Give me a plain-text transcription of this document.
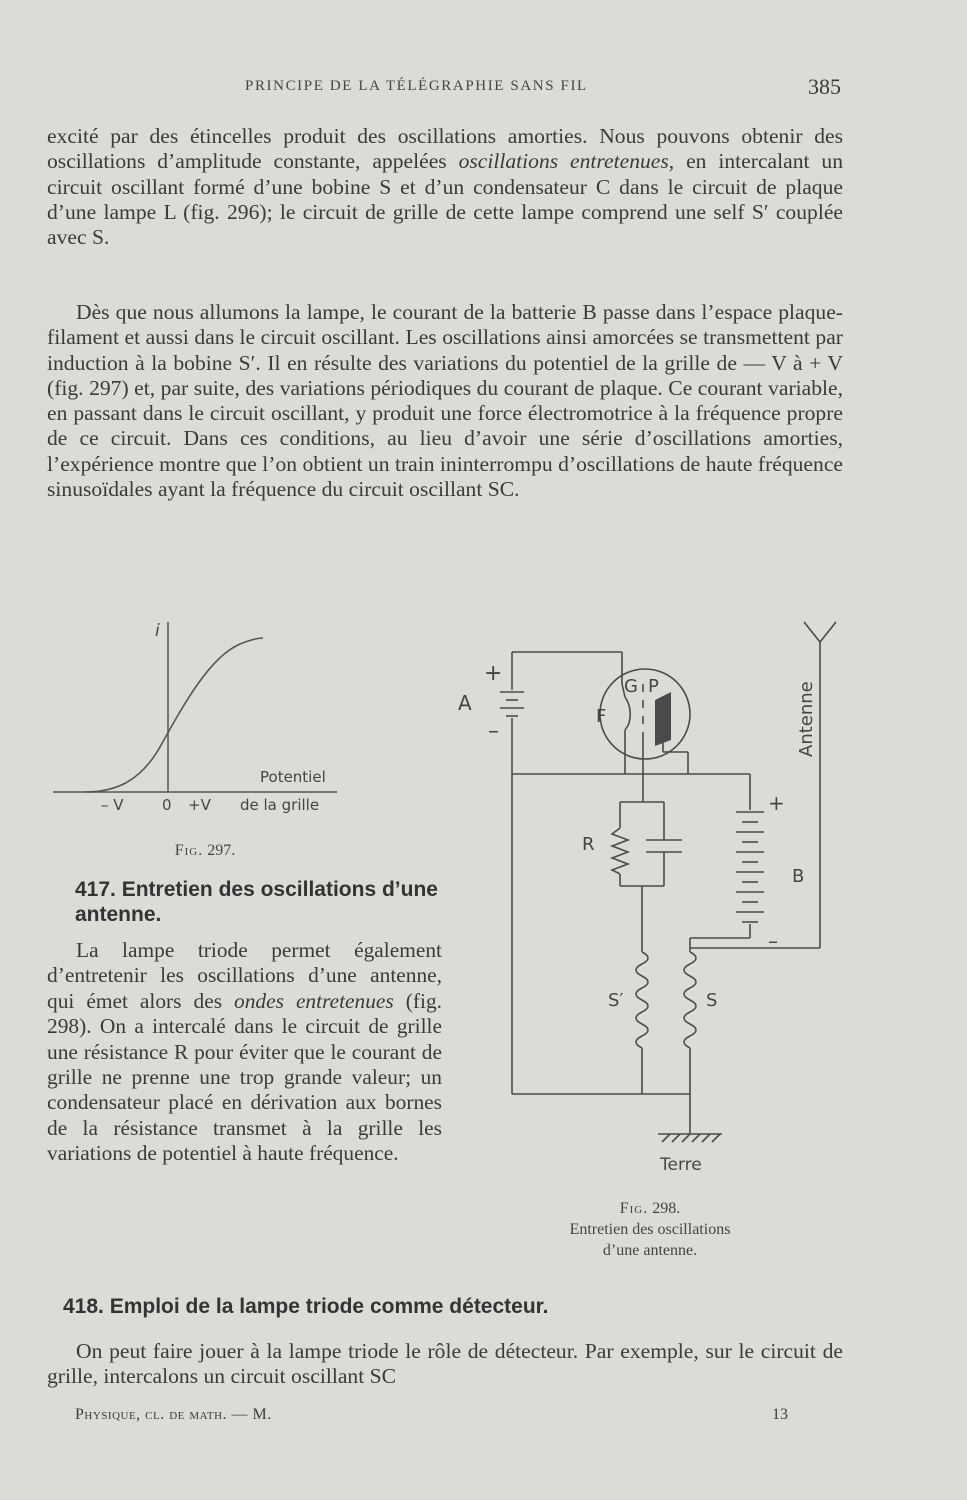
PRINCIPE DE LA TÉLÉGRAPHIE SANS FIL	385

excité par des étincelles produit des oscillations amorties. Nous pouvons obtenir des oscillations d’amplitude constante, appelées oscillations entretenues, en intercalant un circuit oscillant formé d’une bobine S et d’un condensateur C dans le circuit de plaque d’une lampe L (fig. 296); le circuit de grille de cette lampe comprend une self S′ couplée avec S.

Dès que nous allumons la lampe, le courant de la batterie B passe dans l’espace plaque-filament et aussi dans le circuit oscillant. Les oscillations ainsi amorcées se transmettent par induction à la bobine S′. Il en résulte des variations du potentiel de la grille de — V à + V (fig. 297) et, par suite, des variations périodiques du courant de plaque. Ce courant variable, en passant dans le circuit oscillant, y produit une force électromotrice à la fréquence propre de ce circuit. Dans ces conditions, au lieu d’avoir une série d’oscillations amorties, l’expérience montre que l’on obtient un train ininterrompu d’oscillations de haute fréquence sinusoïdales ayant la fréquence du circuit oscillant SC.

i
Potentiel
– V	0 +V de la grille
Fig. 297.

417. Entretien des oscillations d’une antenne.

La lampe triode permet également d’entretenir les oscillations d’une antenne, qui émet alors des ondes entretenues (fig. 298). On a intercalé dans le circuit de grille une résistance R pour éviter que le courant de grille ne prenne une trop grande valeur; un condensateur placé en dérivation aux bornes de la résistance transmet à la grille les variations de potentiel à haute fréquence.

+
A
–
G P
F	Antenne
R
+
B
–
S′	S
Terre
Fig. 298.
Entretien des oscillations
d’une antenne.

418. Emploi de la lampe triode comme détecteur.

On peut faire jouer à la lampe triode le rôle de détecteur. Par exemple, sur le circuit de grille, intercalons un circuit oscillant SC

Physique, cl. de math. — M.	13
